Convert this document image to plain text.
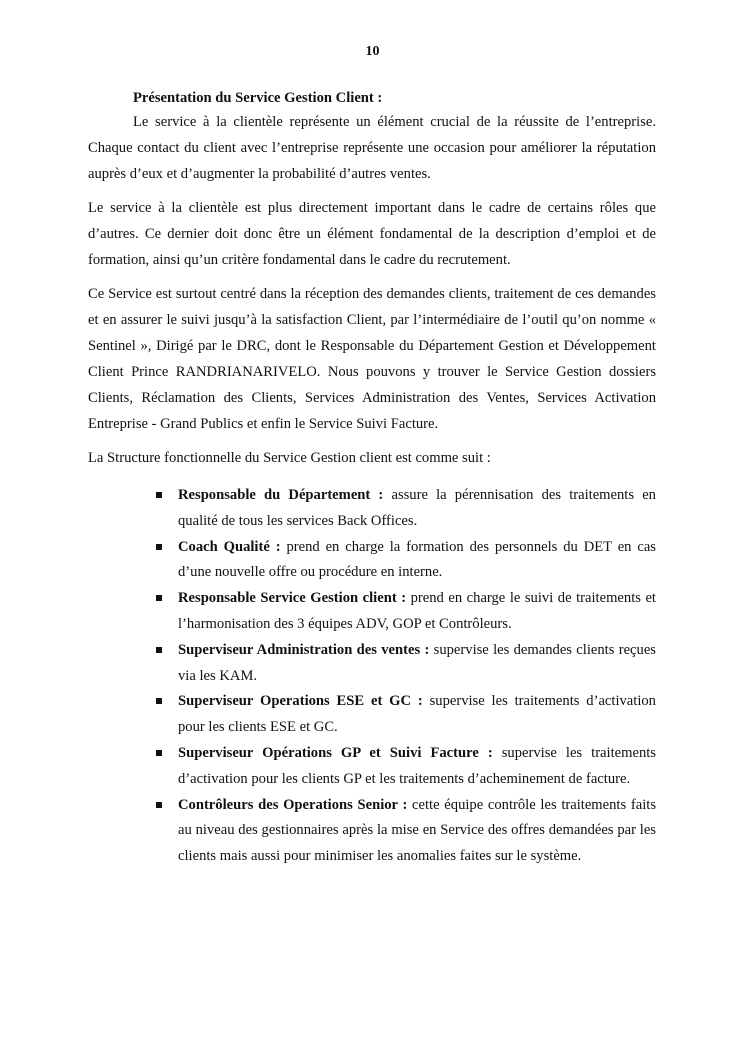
10
Présentation du Service Gestion Client :

Le service à la clientèle représente un élément crucial de la réussite de l’entreprise. Chaque contact du client avec l’entreprise représente une occasion pour améliorer la réputation auprès d’eux et d’augmenter la probabilité d’autres ventes.

Le service à la clientèle est plus directement important dans le cadre de certains rôles que d’autres. Ce dernier doit donc être un élément fondamental de la description d’emploi et de formation, ainsi qu’un critère fondamental dans le cadre du recrutement.

Ce Service est surtout centré dans la réception des demandes clients, traitement de ces demandes et en assurer le suivi jusqu’à la satisfaction Client, par l’intermédiaire de l’outil qu’on nomme « Sentinel », Dirigé par le DRC, dont le Responsable du Département Gestion et Développement Client Prince RANDRIANARIVELO. Nous pouvons y trouver le Service Gestion dossiers Clients, Réclamation des Clients, Services Administration des Ventes, Services Activation Entreprise - Grand Publics et enfin le Service Suivi Facture.

La Structure fonctionnelle du Service Gestion client est comme suit :

Responsable du Département : assure la pérennisation des traitements en qualité de tous les services Back Offices.
Coach Qualité : prend en charge la formation des personnels du DET en cas d’une nouvelle offre ou procédure en interne.
Responsable Service Gestion client : prend en charge le suivi de traitements et l’harmonisation des 3 équipes ADV, GOP et Contrôleurs.
Superviseur Administration des ventes : supervise les demandes clients reçues via les KAM.
Superviseur Operations ESE et GC : supervise les traitements d’activation pour les clients ESE et GC.
Superviseur Opérations GP et Suivi Facture : supervise les traitements d’activation pour les clients GP et les traitements d’acheminement de facture.
Contrôleurs des Operations Senior : cette équipe contrôle les traitements faits au niveau des gestionnaires après la mise en Service des offres demandées par les clients mais aussi pour minimiser les anomalies faites sur le système.
